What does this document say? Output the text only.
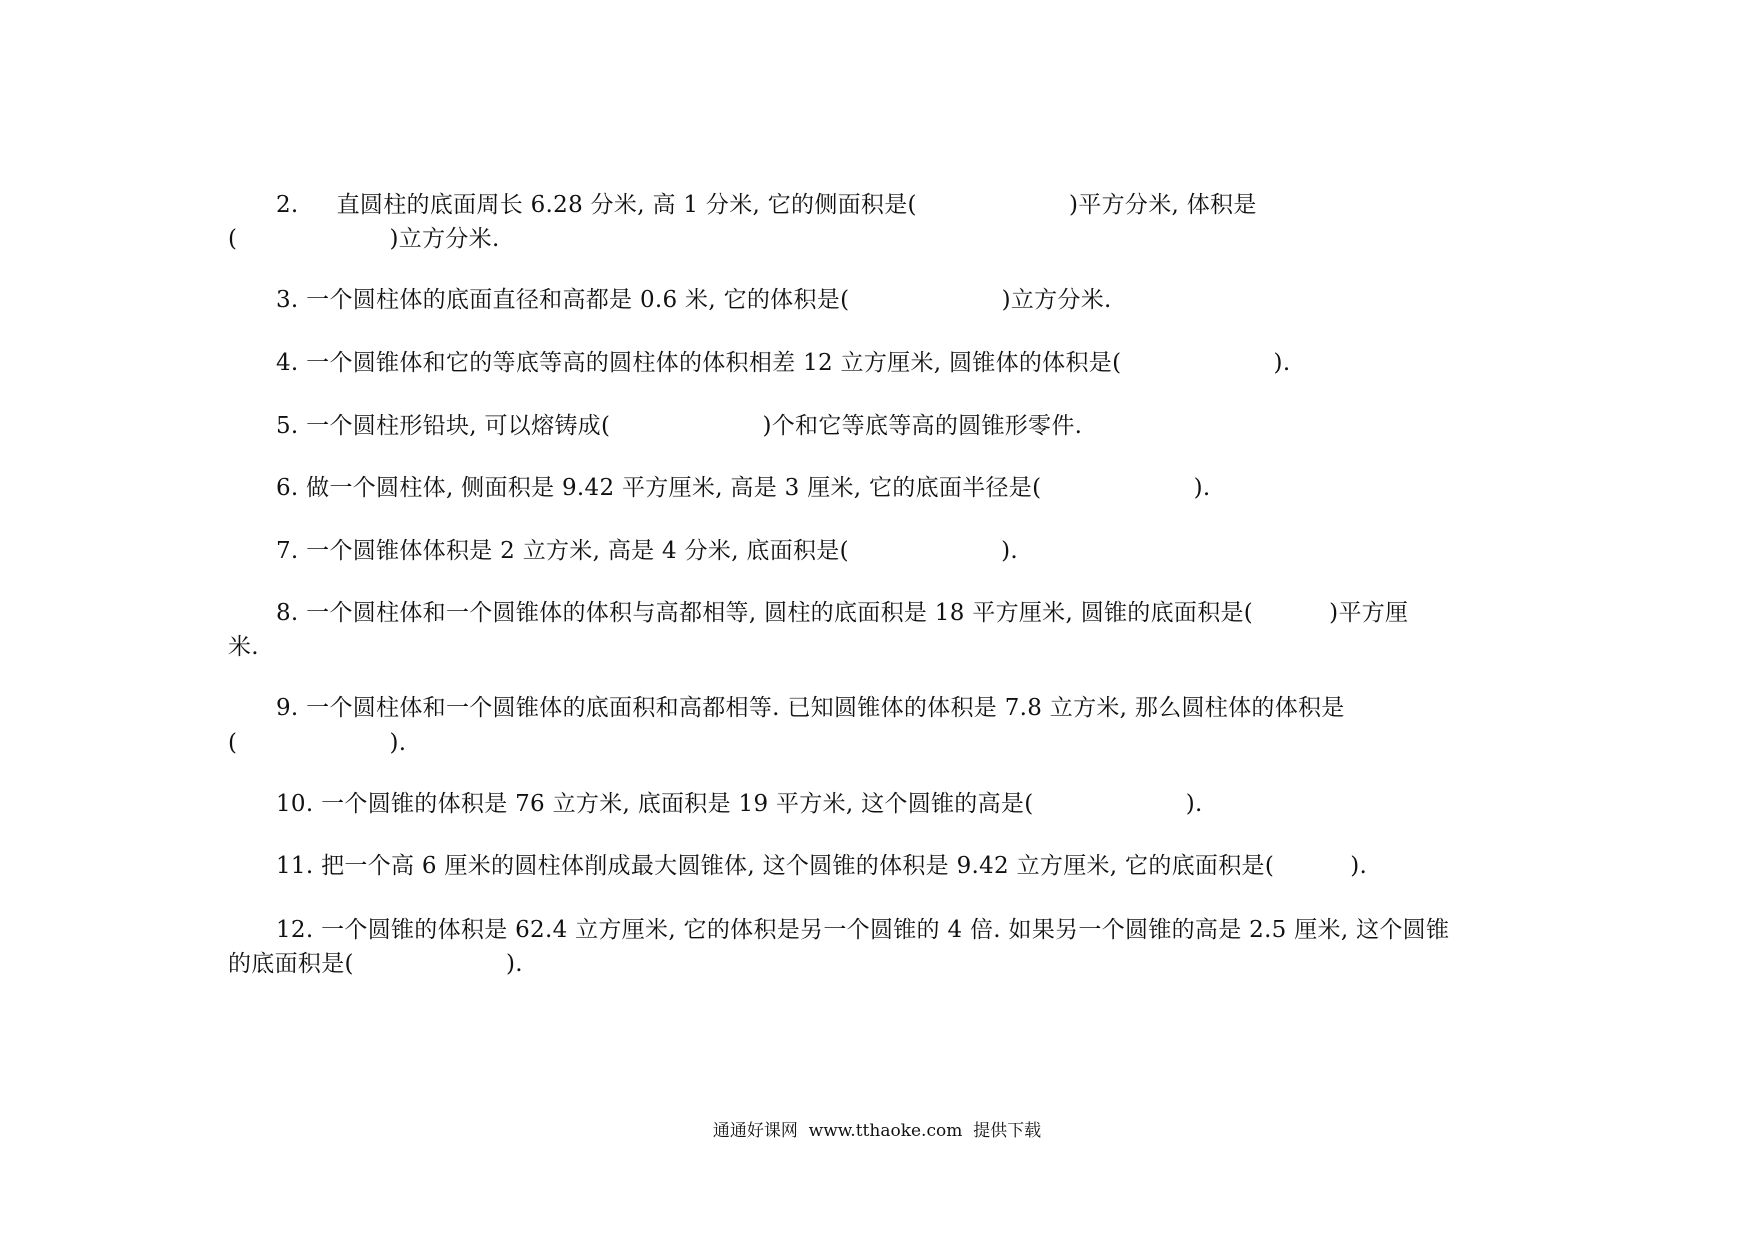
2.     直圆柱的底面周长 6.28 分米, 高 1 分米, 它的侧面积是(                    )平方分米, 体积是
(                    )立方分米.
3. 一个圆柱体的底面直径和高都是 0.6 米, 它的体积是(                    )立方分米.
4. 一个圆锥体和它的等底等高的圆柱体的体积相差 12 立方厘米, 圆锥体的体积是(                    ).
5. 一个圆柱形铅块, 可以熔铸成(                    )个和它等底等高的圆锥形零件.
6. 做一个圆柱体, 侧面积是 9.42 平方厘米, 高是 3 厘米, 它的底面半径是(                    ).
7. 一个圆锥体体积是 2 立方米, 高是 4 分米, 底面积是(                    ).
8. 一个圆柱体和一个圆锥体的体积与高都相等, 圆柱的底面积是 18 平方厘米, 圆锥的底面积是(          )平方厘
米.
9. 一个圆柱体和一个圆锥体的底面积和高都相等. 已知圆锥体的体积是 7.8 立方米, 那么圆柱体的体积是
(                    ).
10. 一个圆锥的体积是 76 立方米, 底面积是 19 平方米, 这个圆锥的高是(                    ).
11. 把一个高 6 厘米的圆柱体削成最大圆锥体, 这个圆锥的体积是 9.42 立方厘米, 它的底面积是(          ).
12. 一个圆锥的体积是 62.4 立方厘米, 它的体积是另一个圆锥的 4 倍. 如果另一个圆锥的高是 2.5 厘米, 这个圆锥
的底面积是(                    ).
通通好课网  www.tthaoke.com  提供下载
